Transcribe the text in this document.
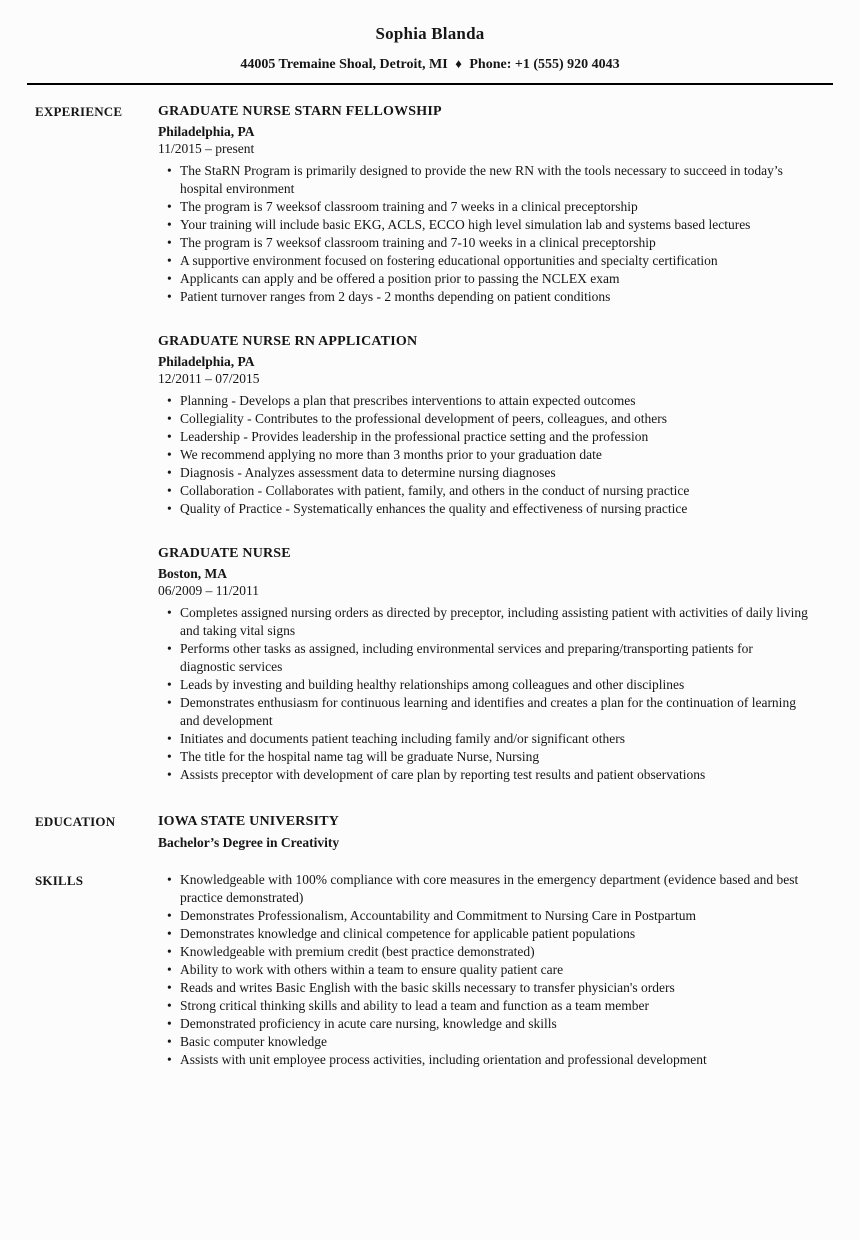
Sophia Blanda
44005 Tremaine Shoal, Detroit, MI ♦ Phone: +1 (555) 920 4043
EXPERIENCE	GRADUATE NURSE STARN FELLOWSHIP
Philadelphia, PA
11/2015 – present
• The StaRN Program is primarily designed to provide the new RN with the tools necessary to succeed in today’s hospital environment
• The program is 7 weeksof classroom training and 7 weeks in a clinical preceptorship
• Your training will include basic EKG, ACLS, ECCO high level simulation lab and systems based lectures
• The program is 7 weeksof classroom training and 7-10 weeks in a clinical preceptorship
• A supportive environment focused on fostering educational opportunities and specialty certification
• Applicants can apply and be offered a position prior to passing the NCLEX exam
• Patient turnover ranges from 2 days - 2 months depending on patient conditions
GRADUATE NURSE RN APPLICATION
Philadelphia, PA
12/2011 – 07/2015
• Planning - Develops a plan that prescribes interventions to attain expected outcomes
• Collegiality - Contributes to the professional development of peers, colleagues, and others
• Leadership - Provides leadership in the professional practice setting and the profession
• We recommend applying no more than 3 months prior to your graduation date
• Diagnosis - Analyzes assessment data to determine nursing diagnoses
• Collaboration - Collaborates with patient, family, and others in the conduct of nursing practice
• Quality of Practice - Systematically enhances the quality and effectiveness of nursing practice
GRADUATE NURSE
Boston, MA
06/2009 – 11/2011
• Completes assigned nursing orders as directed by preceptor, including assisting patient with activities of daily living and taking vital signs
• Performs other tasks as assigned, including environmental services and preparing/transporting patients for diagnostic services
• Leads by investing and building healthy relationships among colleagues and other disciplines
• Demonstrates enthusiasm for continuous learning and identifies and creates a plan for the continuation of learning and development
• Initiates and documents patient teaching including family and/or significant others
• The title for the hospital name tag will be graduate Nurse, Nursing
• Assists preceptor with development of care plan by reporting test results and patient observations
EDUCATION	IOWA STATE UNIVERSITY
Bachelor’s Degree in Creativity
SKILLS	• Knowledgeable with 100% compliance with core measures in the emergency department (evidence based and best practice demonstrated)
• Demonstrates Professionalism, Accountability and Commitment to Nursing Care in Postpartum
• Demonstrates knowledge and clinical competence for applicable patient populations
• Knowledgeable with premium credit (best practice demonstrated)
• Ability to work with others within a team to ensure quality patient care
• Reads and writes Basic English with the basic skills necessary to transfer physician's orders
• Strong critical thinking skills and ability to lead a team and function as a team member
• Demonstrated proficiency in acute care nursing, knowledge and skills
• Basic computer knowledge
• Assists with unit employee process activities, including orientation and professional development
